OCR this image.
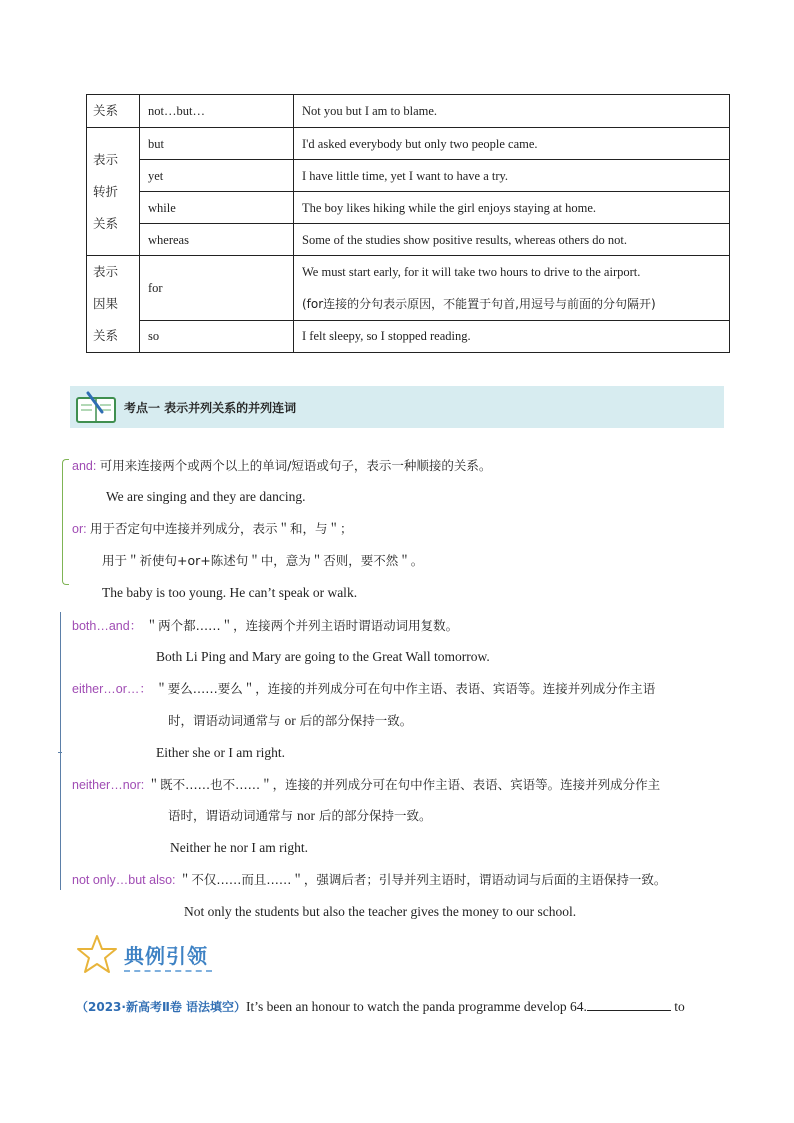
关系	not…but…	Not you but I am to blame.

表示
转折
关系	but	I'd asked everybody but only two people came.
	yet	I have little time, yet I want to have a try.
	while	The boy likes hiking while the girl enjoys staying at home.
	whereas	Some of the studies show positive results, whereas others do not.

表示
因果
关系	for	We must start early, for it will take two hours to drive to the airport.
(for连接的分句表示原因，不能置于句首,用逗号与前面的分句隔开)

	so	I felt sleepy, so I stopped reading.
考点一 表示并列关系的并列连词
and: 可用来连接两个或两个以上的单词/短语或句子，表示一种顺接的关系。
We are singing and they are dancing.
or: 用于否定句中连接并列成分，表示＂和，与＂；
用于＂祈使句+or+陈述句＂中，意为＂否则，要不然＂。
The baby is too young. He can’t speak or walk.
both…and： ＂两个都……＂，连接两个并列主语时谓语动词用复数。
Both Li Ping and Mary are going to the Great Wall tomorrow.
either…or…： ＂要么……要么＂，连接的并列成分可在句中作主语、表语、宾语等。连接并列成分作主语
时，谓语动词通常与 or 后的部分保持一致。
Either she or I am right.
neither…nor: ＂既不……也不……＂，连接的并列成分可在句中作主语、表语、宾语等。连接并列成分作主
语时，谓语动词通常与 nor 后的部分保持一致。
Neither he nor I am right.
not only…but also: ＂不仅……而且……＂，强调后者；引导并列主语时，谓语动词与后面的主语保持一致。
Not only the students but also the teacher gives the money to our school.
典例引领
（2023·新高考Ⅱ卷 语法填空）It’s been an honour to watch the panda programme develop 64.	to
